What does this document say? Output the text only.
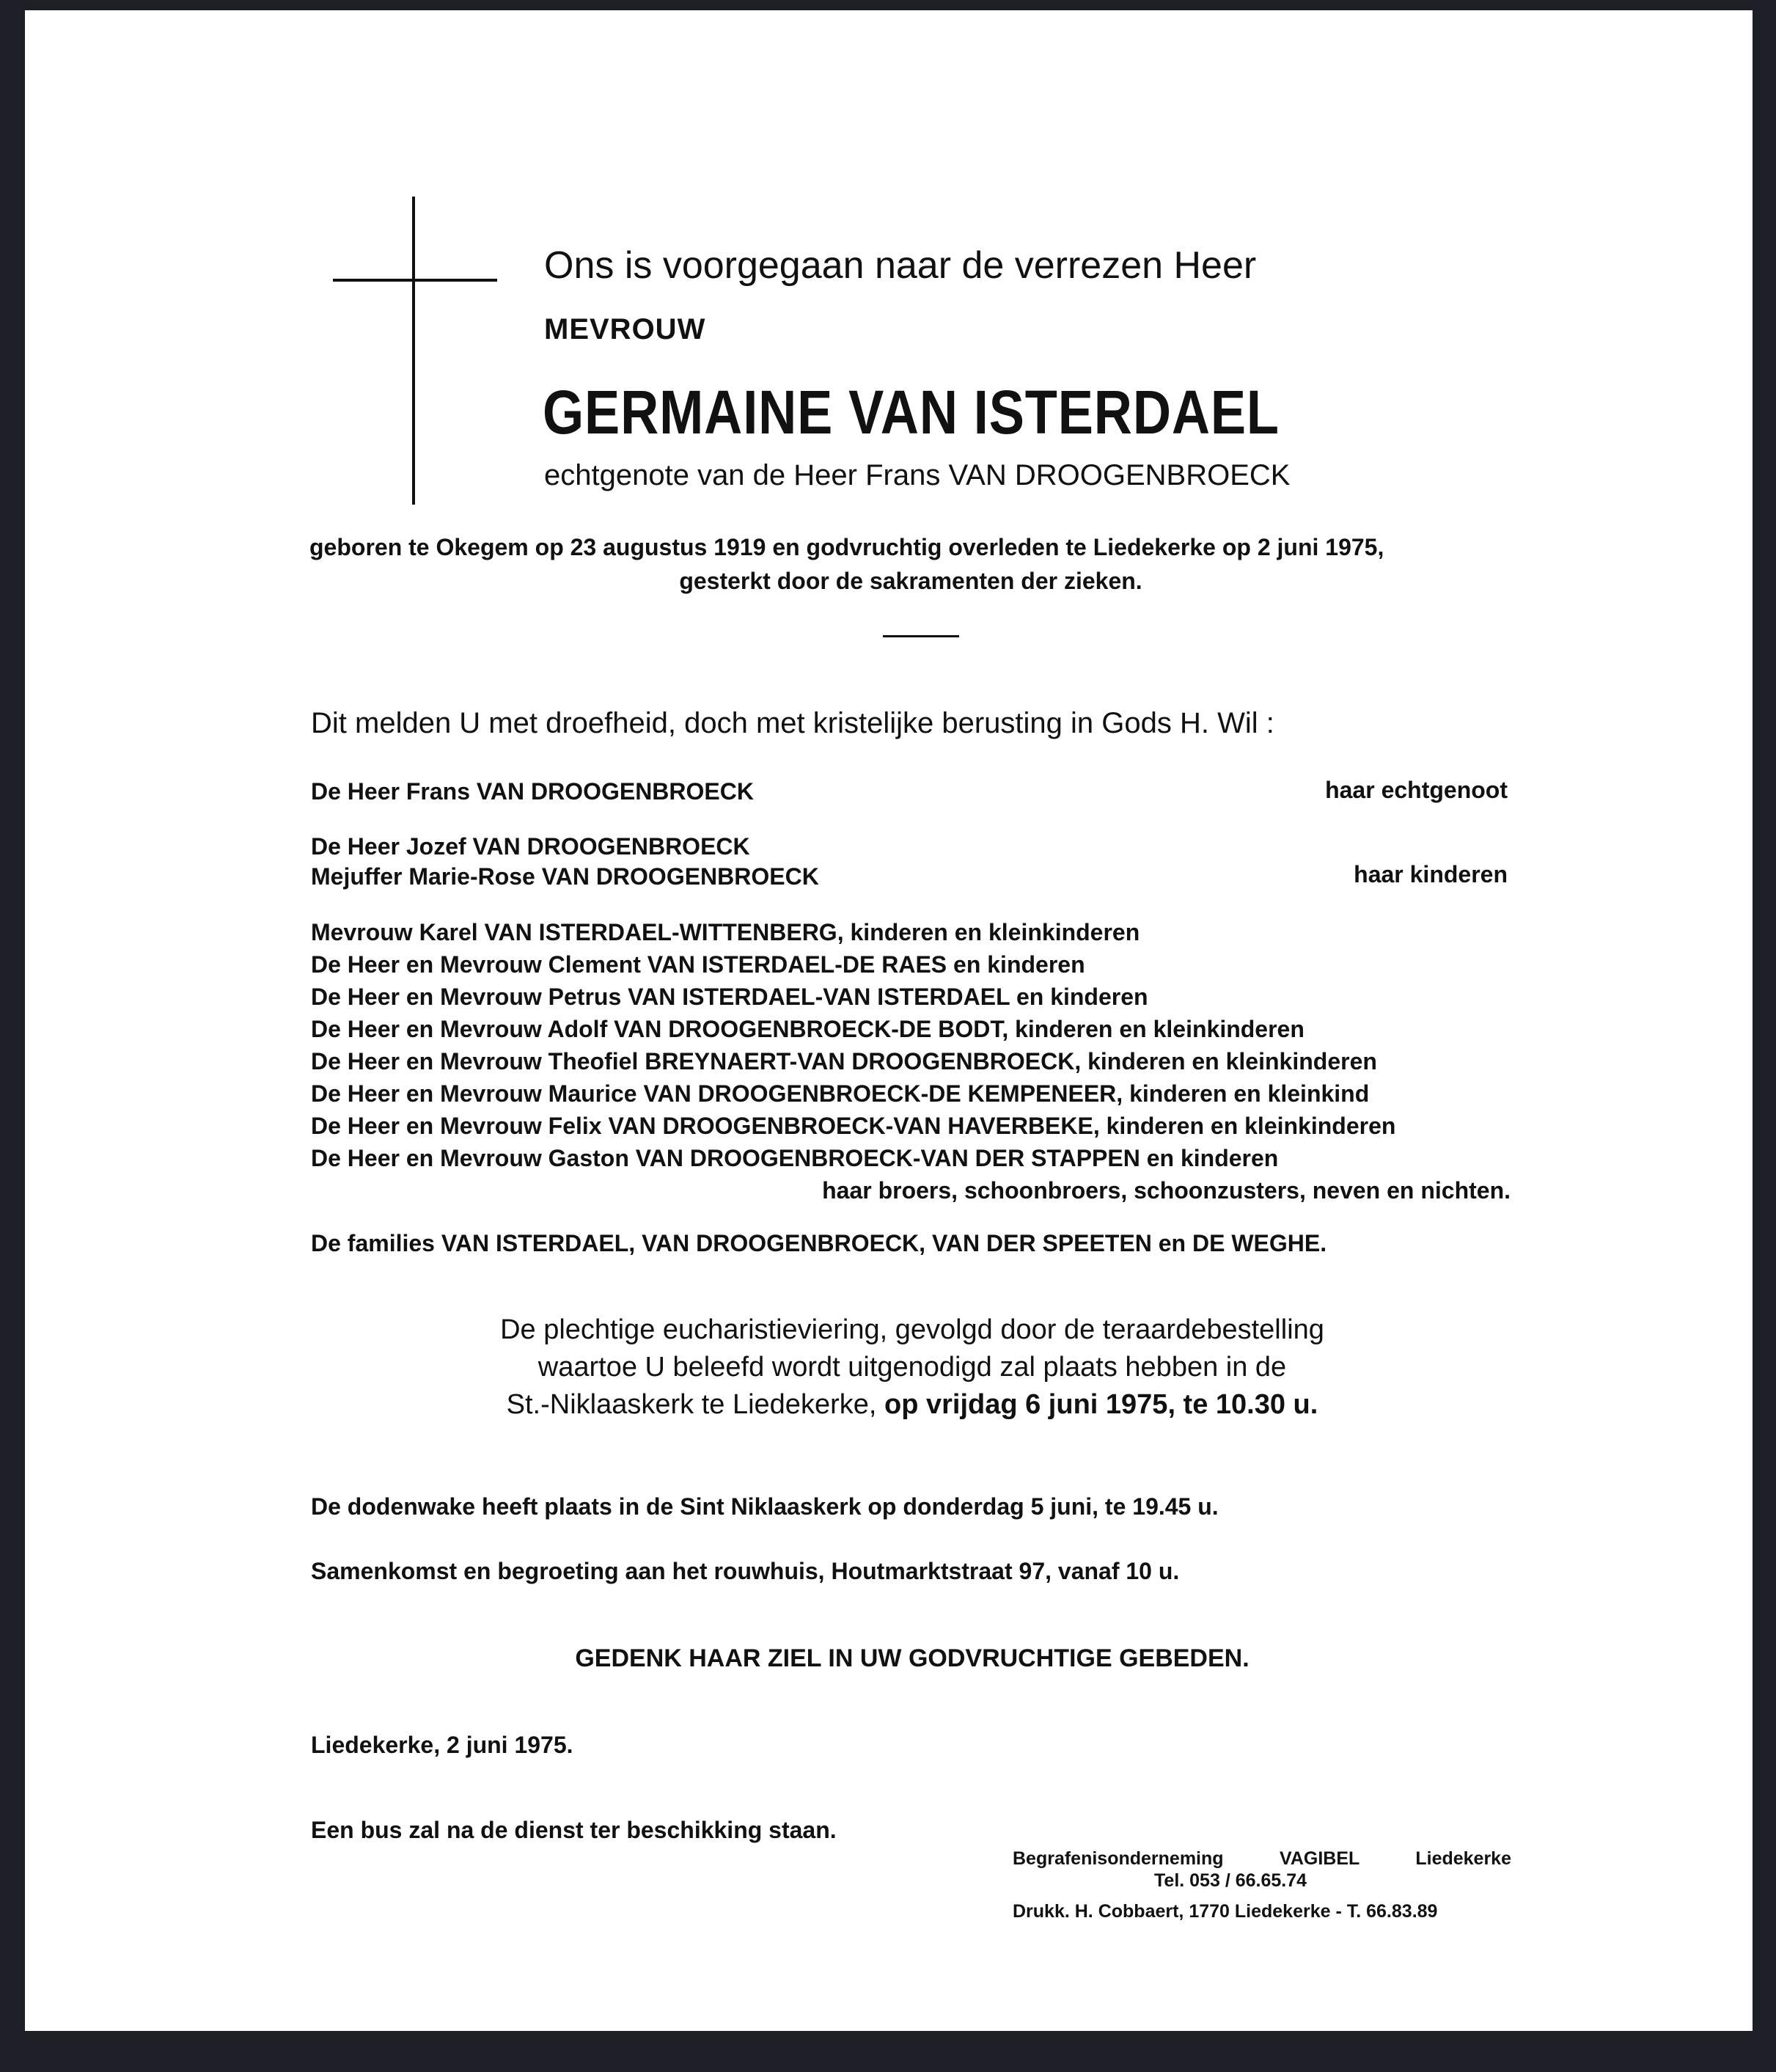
Ons is voorgegaan naar de verrezen Heer
MEVROUW
GERMAINE VAN ISTERDAEL
echtgenote van de Heer Frans VAN DROOGENBROECK
geboren te Okegem op 23 augustus 1919 en godvruchtig overleden te Liedekerke op 2 juni 1975,
gesterkt door de sakramenten der zieken.
Dit melden U met droefheid, doch met kristelijke berusting in Gods H. Wil :
De Heer Frans VAN DROOGENBROECK	haar echtgenoot
De Heer Jozef VAN DROOGENBROECK
Mejuffer Marie-Rose VAN DROOGENBROECK	haar kinderen
Mevrouw Karel VAN ISTERDAEL-WITTENBERG, kinderen en kleinkinderen
De Heer en Mevrouw Clement VAN ISTERDAEL-DE RAES en kinderen
De Heer en Mevrouw Petrus VAN ISTERDAEL-VAN ISTERDAEL en kinderen
De Heer en Mevrouw Adolf VAN DROOGENBROECK-DE BODT, kinderen en kleinkinderen
De Heer en Mevrouw Theofiel BREYNAERT-VAN DROOGENBROECK, kinderen en kleinkinderen
De Heer en Mevrouw Maurice VAN DROOGENBROECK-DE KEMPENEER, kinderen en kleinkind
De Heer en Mevrouw Felix VAN DROOGENBROECK-VAN HAVERBEKE, kinderen en kleinkinderen
De Heer en Mevrouw Gaston VAN DROOGENBROECK-VAN DER STAPPEN en kinderen
haar broers, schoonbroers, schoonzusters, neven en nichten.
De families VAN ISTERDAEL, VAN DROOGENBROECK, VAN DER SPEETEN en DE WEGHE.
De plechtige eucharistieviering, gevolgd door de teraardebestelling
waartoe U beleefd wordt uitgenodigd zal plaats hebben in de
St.-Niklaaskerk te Liedekerke, op vrijdag 6 juni 1975, te 10.30 u.
De dodenwake heeft plaats in de Sint Niklaaskerk op donderdag 5 juni, te 19.45 u.
Samenkomst en begroeting aan het rouwhuis, Houtmarktstraat 97, vanaf 10 u.
GEDENK HAAR ZIEL IN UW GODVRUCHTIGE GEBEDEN.
Liedekerke, 2 juni 1975.
Een bus zal na de dienst ter beschikking staan.
Begrafenisonderneming VAGIBEL Liedekerke
Tel. 053 / 66.65.74
Drukk. H. Cobbaert, 1770 Liedekerke - T. 66.83.89
